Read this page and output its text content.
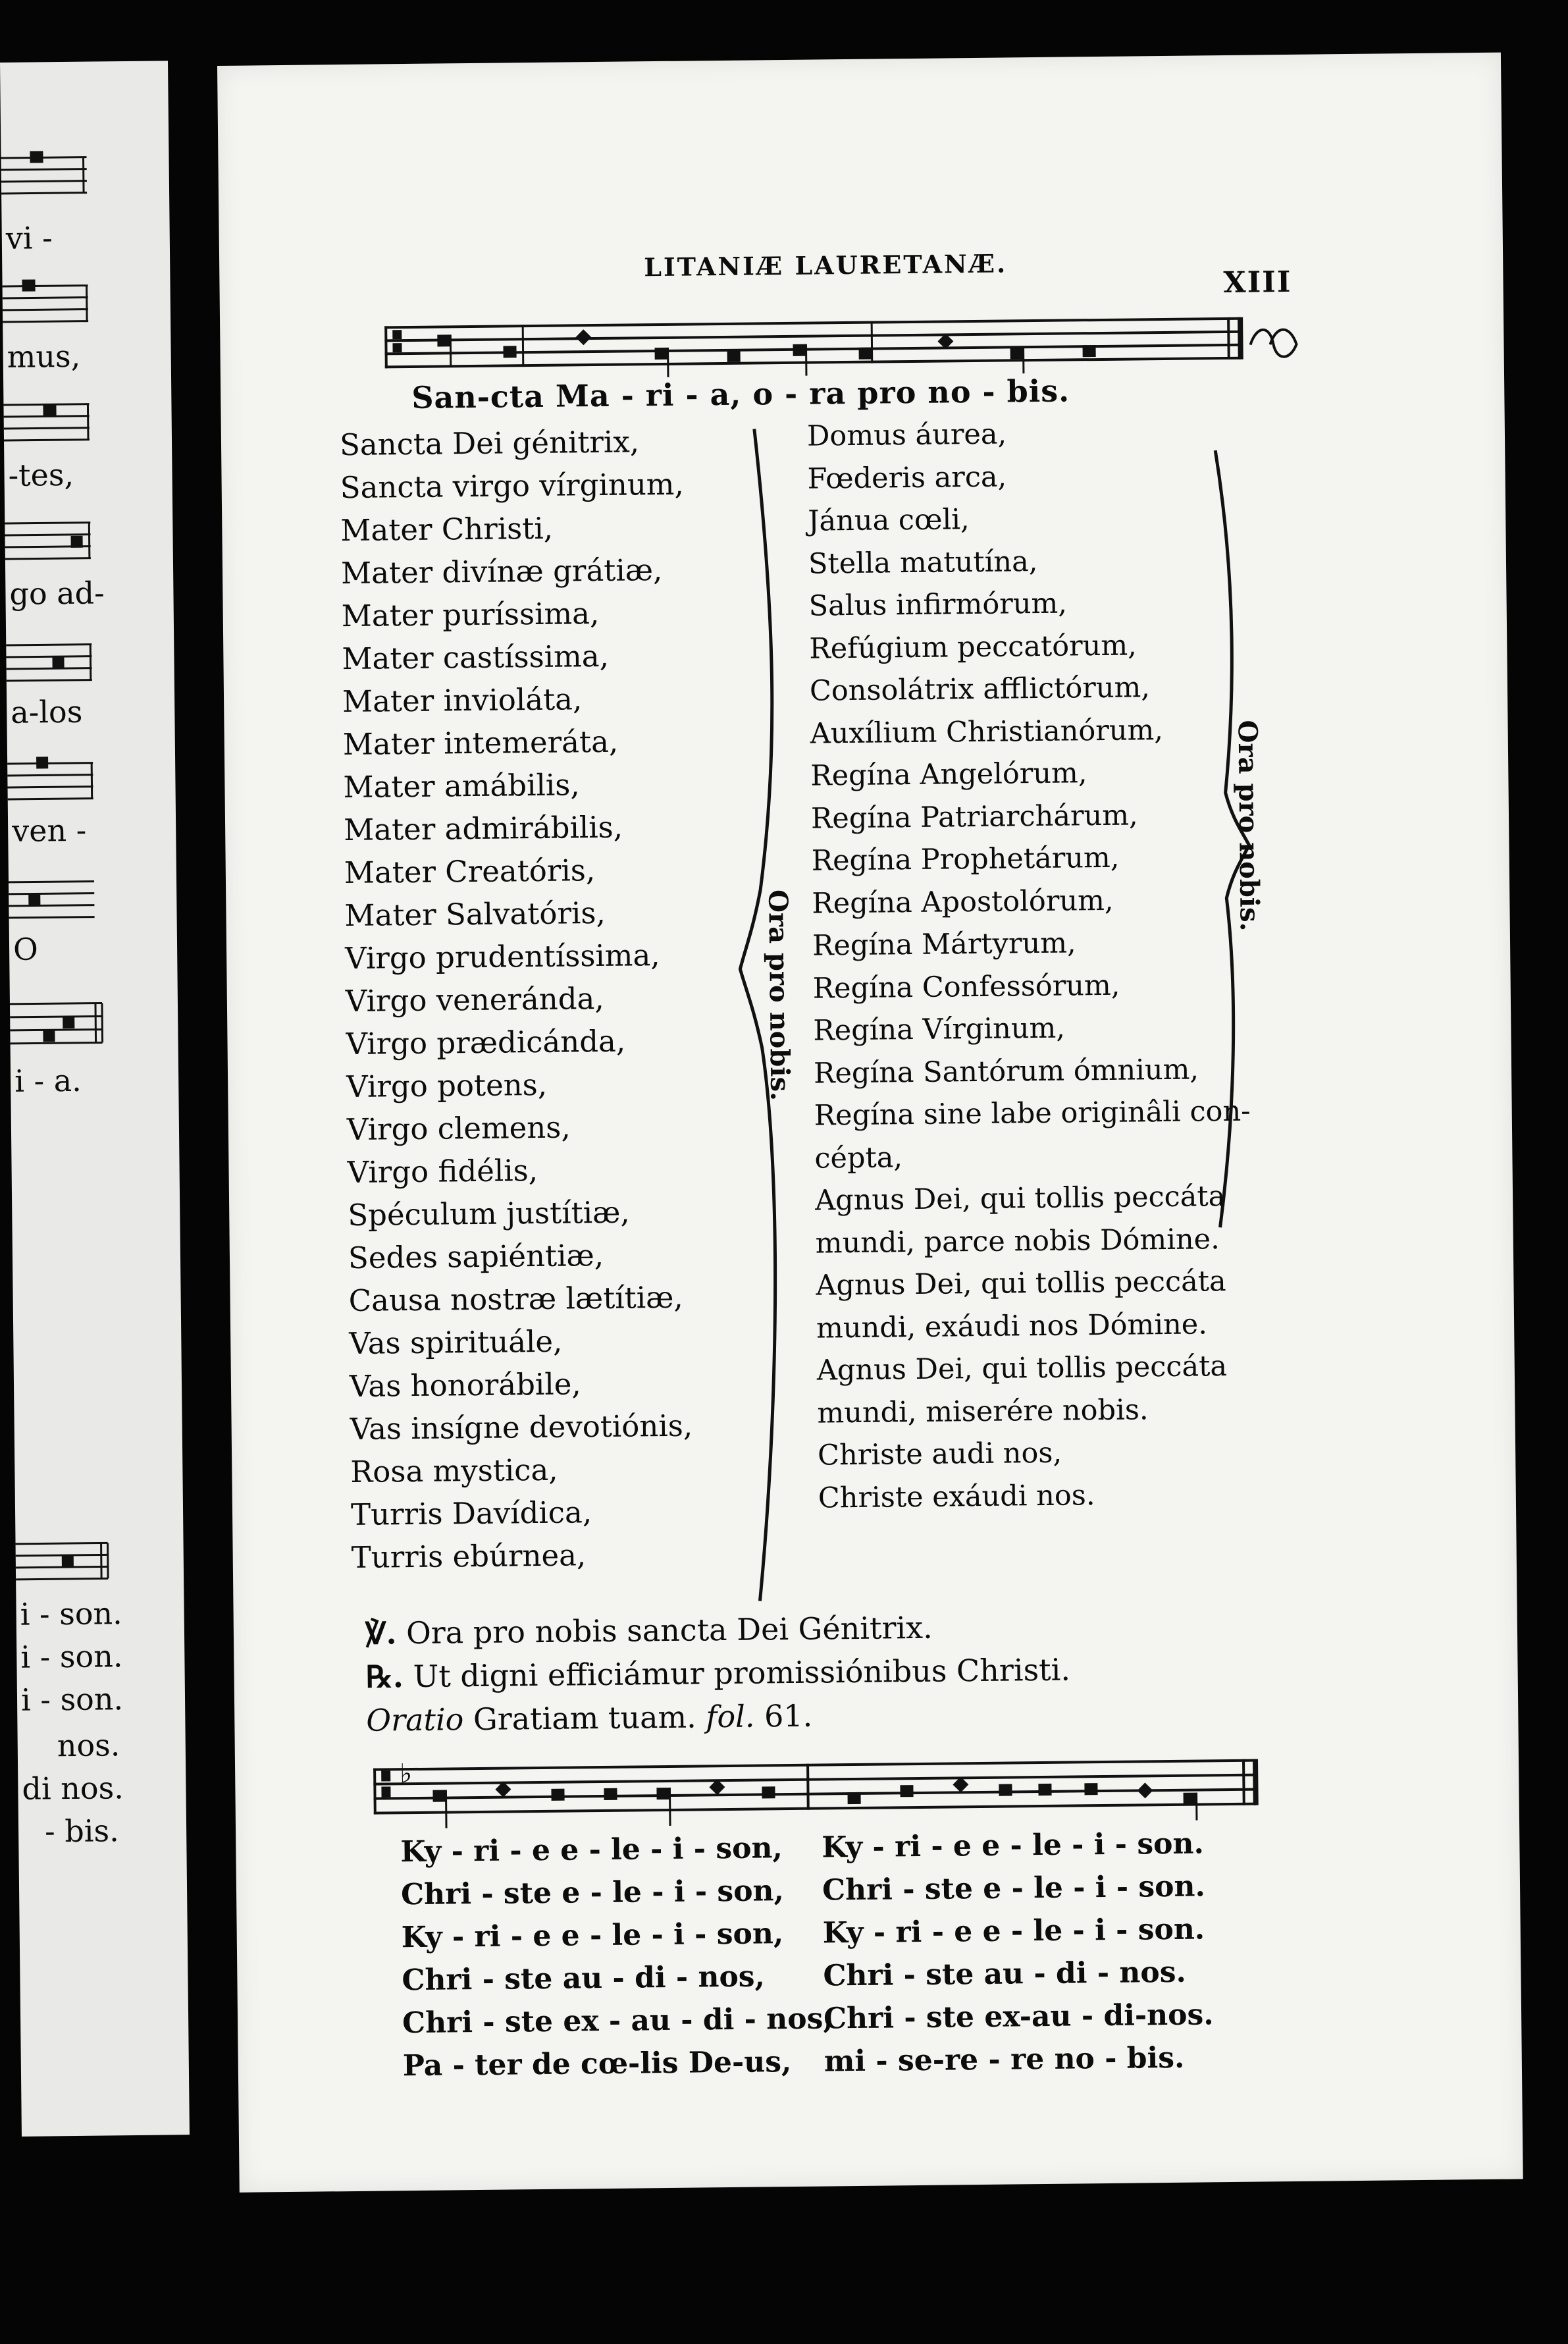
vi -
mus,
-tes,
go ad-
a-los
ven -
O
i - a.
i - son.
i - son.
i - son.
nos.
di nos.
- bis.
LITANIÆ LAURETANÆ.
XIII
San-cta Ma - ri - a, o - ra pro no - bis.
Sancta Dei génitrix,
Sancta virgo vírginum,
Mater Christi,
Mater divínæ grátiæ,
Mater puríssima,
Mater castíssima,
Mater invioláta,
Mater intemeráta,
Mater amábilis,
Mater admirábilis,
Mater Creatóris,
Mater Salvatóris,
Virgo prudentíssima,
Virgo veneránda,
Virgo prædicánda,
Virgo potens,
Virgo clemens,
Virgo fidélis,
Spéculum justítiæ,
Sedes sapiéntiæ,
Causa nostræ lætítiæ,
Vas spirituále,
Vas honorábile,
Vas insígne devotiónis,
Rosa mystica,
Turris Davídica,
Turris ebúrnea,
Ora pro nobis.
Domus áurea,
Fœderis arca,
Jánua cœli,
Stella matutína,
Salus infirmórum,
Refúgium peccatórum,
Consolátrix afflictórum,
Auxílium Christianórum,
Regína Angelórum,
Regína Patriarchárum,
Regína Prophetárum,
Regína Apostolórum,
Regína Mártyrum,
Regína Confessórum,
Regína Vírginum,
Regína Santórum ómnium,
Regína sine labe originâli con-
cépta,
Agnus Dei, qui tollis peccáta
mundi, parce nobis Dómine.
Agnus Dei, qui tollis peccáta
mundi, exáudi nos Dómine.
Agnus Dei, qui tollis peccáta
mundi, miserére nobis.
Christe audi nos,
Christe exáudi nos.
Ora pro nobis.
℣. Ora pro nobis sancta Dei Génitrix.
℞. Ut digni efficiámur promissiónibus Christi.
Oratio Gratiam tuam. fol. 61.
♭
Ky - ri - e e - le - i - son, Ky - ri - e e - le - i - son.
Chri - ste e - le - i - son, Chri - ste e - le - i - son.
Ky - ri - e e - le - i - son, Ky - ri - e e - le - i - son.
Chri - ste au - di - nos, Chri - ste au - di - nos.
Chri - ste ex - au - di - nos,
Chri - ste ex-au - di-nos.
Pa - ter de cœ-lis De-us, mi - se-re - re no - bis.
